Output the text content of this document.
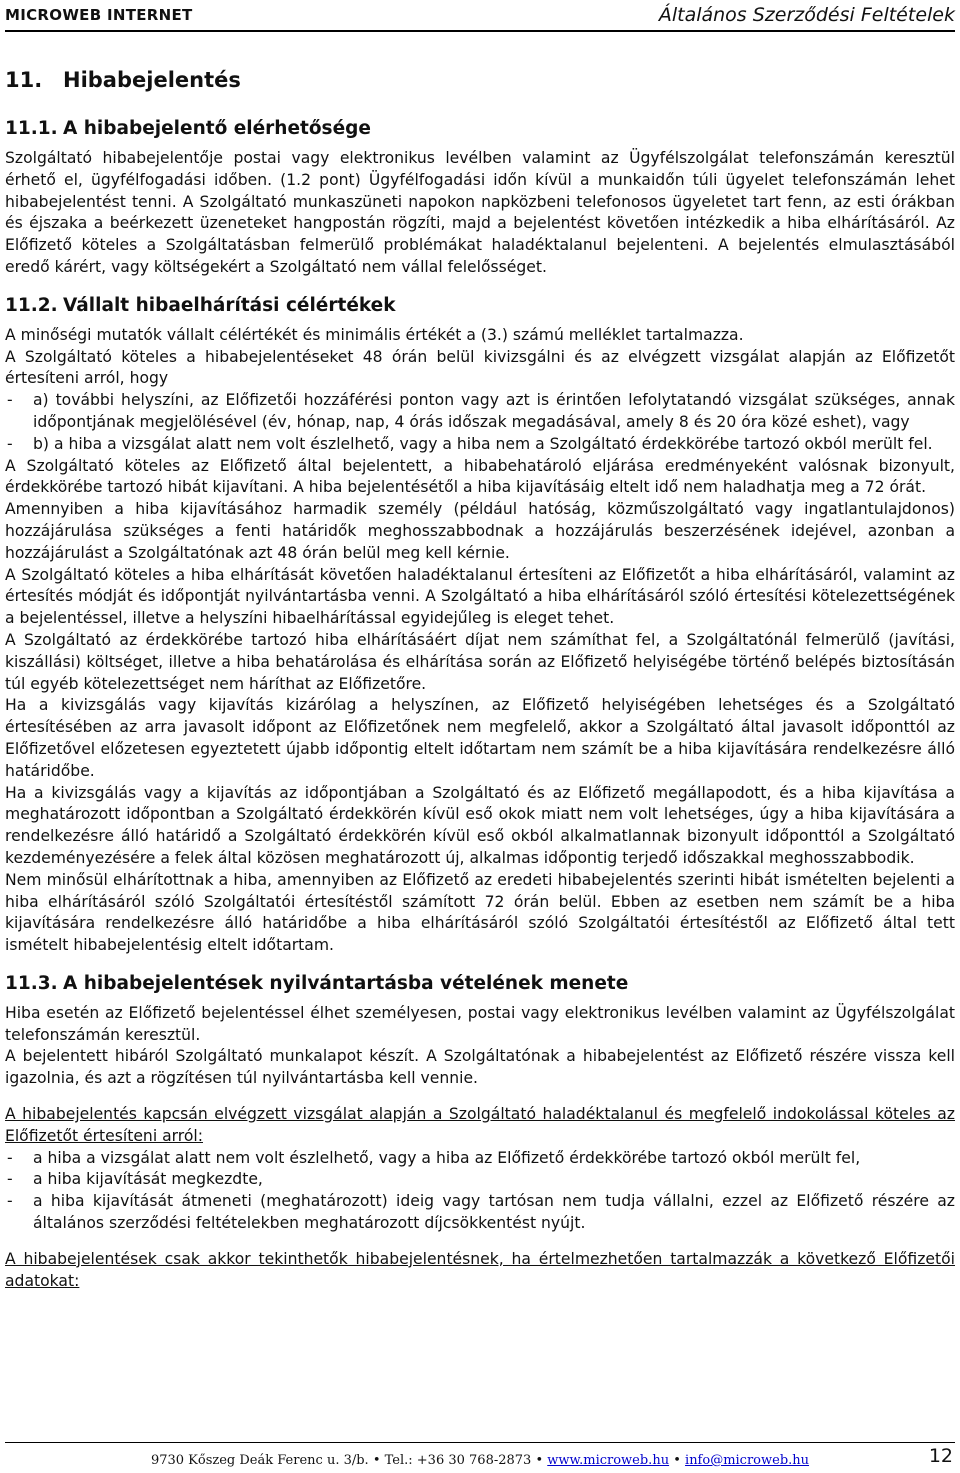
MICROWEB INTERNET	Általános Szerződési Feltételek
11. Hibabejelentés
11.1. A hibabejelentő elérhetősége

Szolgáltató hibabejelentője postai vagy elektronikus levélben valamint az Ügyfélszolgálat telefonszámán keresztül érhető el, ügyfélfogadási időben. (1.2 pont) Ügyfélfogadási időn kívül a munkaidőn túli ügyelet telefonszámán lehet hibabejelentést tenni. A Szolgáltató munkaszüneti napokon napközbeni telefonosos ügyeletet tart fenn, az esti órákban és éjszaka a beérkezett üzeneteket hangpostán rögzíti, majd a bejelentést követően intézkedik a hiba elhárításáról. Az Előfizető köteles a Szolgáltatásban felmerülő problémákat haladéktalanul bejelenteni. A bejelentés elmulasztásából eredő kárért, vagy költségekért a Szolgáltató nem vállal felelősséget.

11.2. Vállalt hibaelhárítási célértékek

A minőségi mutatók vállalt célértékét és minimális értékét a (3.) számú melléklet tartalmazza.

A Szolgáltató köteles a hibabejelentéseket 48 órán belül kivizsgálni és az elvégzett vizsgálat alapján az Előfizetőt értesíteni arról, hogy

-	a) további helyszíni, az Előfizetői hozzáférési ponton vagy azt is érintően lefolytatandó vizsgálat szükséges, annak időpontjának megjelölésével (év, hónap, nap, 4 órás időszak megadásával, amely 8 és 20 óra közé eshet), vagy
-	b) a hiba a vizsgálat alatt nem volt észlelhető, vagy a hiba nem a Szolgáltató érdekkörébe tartozó okból merült fel.

A Szolgáltató köteles az Előfizető által bejelentett, a hibabehatároló eljárása eredményeként valósnak bizonyult, érdekkörébe tartozó hibát kijavítani. A hiba bejelentésétől a hiba kijavításáig eltelt idő nem haladhatja meg a 72 órát.

Amennyiben a hiba kijavításához harmadik személy (például hatóság, közműszolgáltató vagy ingatlantulajdonos) hozzájárulása szükséges a fenti határidők meghosszabbodnak a hozzájárulás beszerzésének idejével, azonban a hozzájárulást a Szolgáltatónak azt 48 órán belül meg kell kérnie.

A Szolgáltató köteles a hiba elhárítását követően haladéktalanul értesíteni az Előfizetőt a hiba elhárításáról, valamint az értesítés módját és időpontját nyilvántartásba venni. A Szolgáltató a hiba elhárításáról szóló értesítési kötelezettségének a bejelentéssel, illetve a helyszíni hibaelhárítással egyidejűleg is eleget tehet.

A Szolgáltató az érdekkörébe tartozó hiba elhárításáért díjat nem számíthat fel, a Szolgáltatónál felmerülő (javítási, kiszállási) költséget, illetve a hiba behatárolása és elhárítása során az Előfizető helyiségébe történő belépés biztosításán túl egyéb kötelezettséget nem háríthat az Előfizetőre.

Ha a kivizsgálás vagy kijavítás kizárólag a helyszínen, az Előfizető helyiségében lehetséges és a Szolgáltató értesítésében az arra javasolt időpont az Előfizetőnek nem megfelelő, akkor a Szolgáltató által javasolt időponttól az Előfizetővel előzetesen egyeztetett újabb időpontig eltelt időtartam nem számít be a hiba kijavítására rendelkezésre álló határidőbe.

Ha a kivizsgálás vagy a kijavítás az időpontjában a Szolgáltató és az Előfizető megállapodott, és a hiba kijavítása a meghatározott időpontban a Szolgáltató érdekkörén kívül eső okok miatt nem volt lehetséges, úgy a hiba kijavítására a rendelkezésre álló határidő a Szolgáltató érdekkörén kívül eső okból alkalmatlannak bizonyult időponttól a Szolgáltató kezdeményezésére a felek által közösen meghatározott új, alkalmas időpontig terjedő időszakkal meghosszabbodik.

Nem minősül elhárítottnak a hiba, amennyiben az Előfizető az eredeti hibabejelentés szerinti hibát ismételten bejelenti a hiba elhárításáról szóló Szolgáltatói értesítéstől számított 72 órán belül. Ebben az esetben nem számít be a hiba kijavítására rendelkezésre álló határidőbe a hiba elhárításáról szóló Szolgáltatói értesítéstől az Előfizető által tett ismételt hibabejelentésig eltelt időtartam.

11.3. A hibabejelentések nyilvántartásba vételének menete

Hiba esetén az Előfizető bejelentéssel élhet személyesen, postai vagy elektronikus levélben valamint az Ügyfélszolgálat telefonszámán keresztül.

A bejelentett hibáról Szolgáltató munkalapot készít. A Szolgáltatónak a hibabejelentést az Előfizető részére vissza kell igazolnia, és azt a rögzítésen túl nyilvántartásba kell vennie.

A hibabejelentés kapcsán elvégzett vizsgálat alapján a Szolgáltató haladéktalanul és megfelelő indokolással köteles az Előfizetőt értesíteni arról:

-	a hiba a vizsgálat alatt nem volt észlelhető, vagy a hiba az Előfizető érdekkörébe tartozó okból merült fel,
-	a hiba kijavítását megkezdte,
-	a hiba kijavítását átmeneti (meghatározott) ideig vagy tartósan nem tudja vállalni, ezzel az Előfizető részére az általános szerződési feltételekben meghatározott díjcsökkentést nyújt.

A hibabejelentések csak akkor tekinthetők hibabejelentésnek, ha értelmezhetően tartalmazzák a következő Előfizetői adatokat:

9730 Kőszeg Deák Ferenc u. 3/b. • Tel.: +36 30 768-2873 • www.microweb.hu • info@microweb.hu	12
